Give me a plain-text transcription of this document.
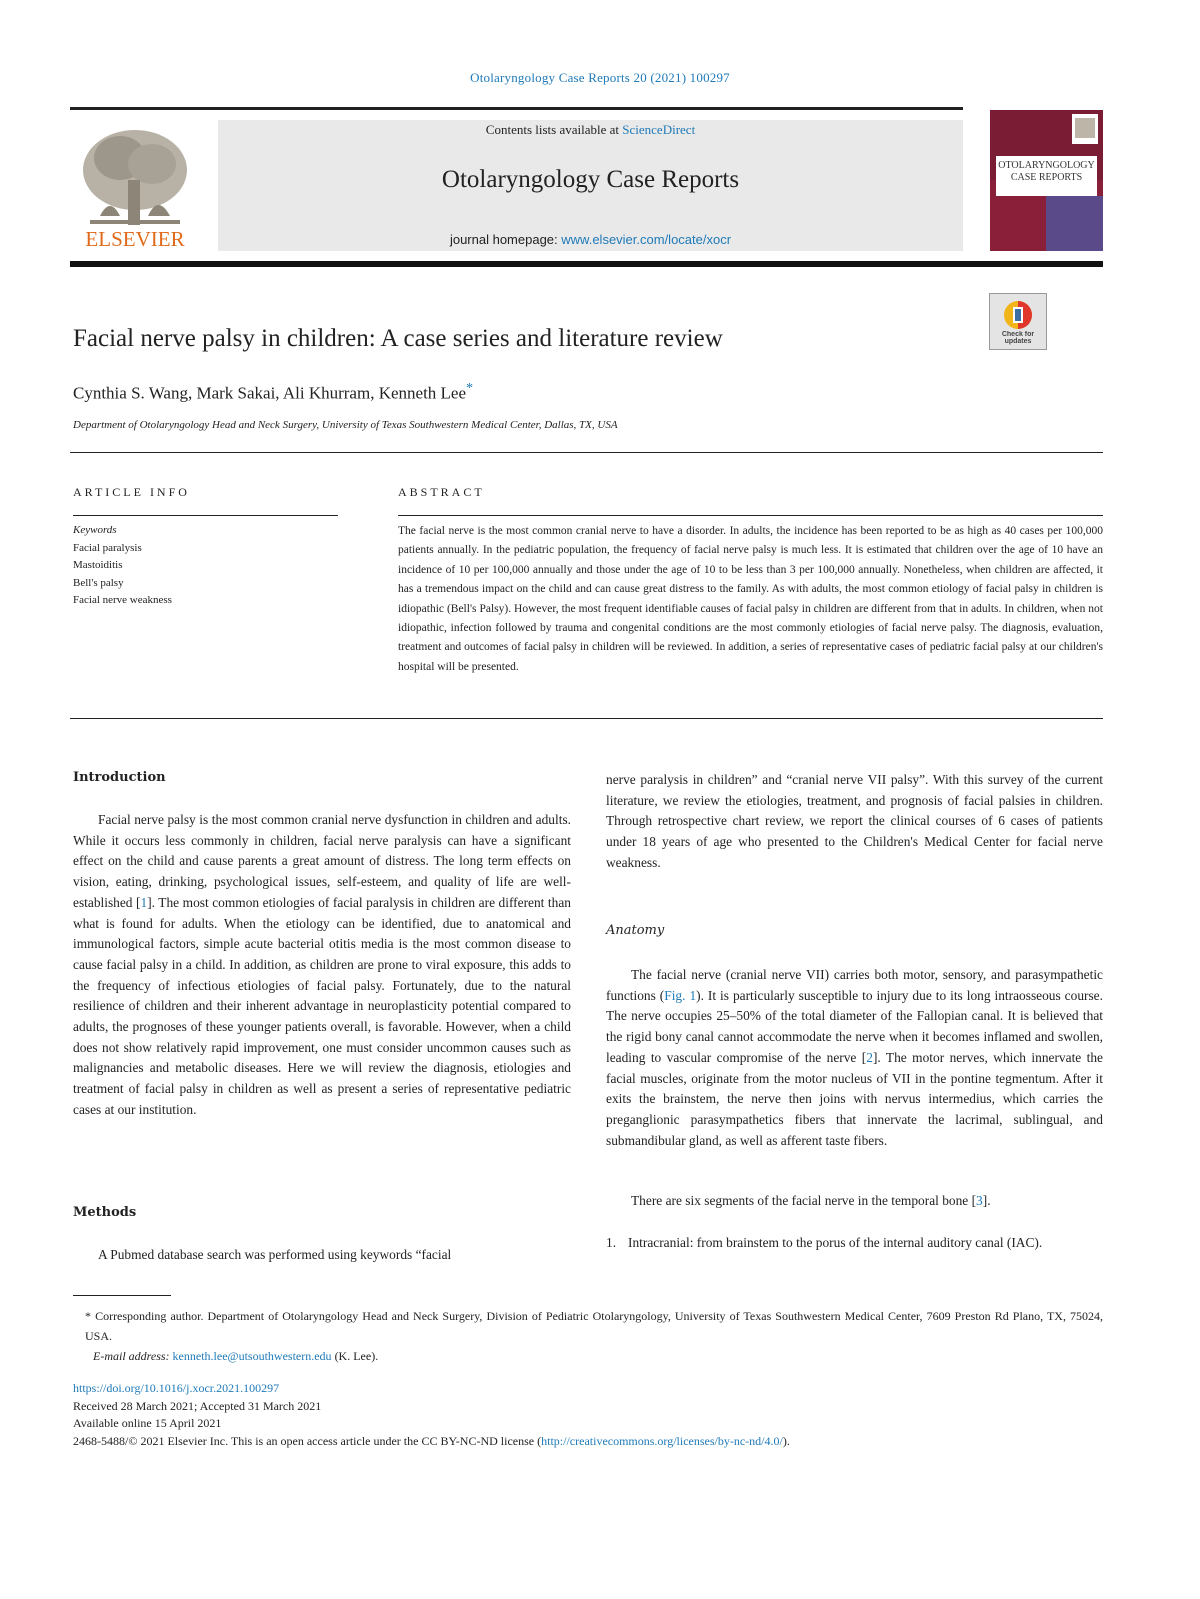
Otolaryngology Case Reports 20 (2021) 100297
ELSEVIER
Contents lists available at ScienceDirect
Otolaryngology Case Reports
journal homepage: www.elsevier.com/locate/xocr
OTOLARYNGOLOGY CASE REPORTS
Facial nerve palsy in children: A case series and literature review	Check for updates
Cynthia S. Wang, Mark Sakai, Ali Khurram, Kenneth Lee*
Department of Otolaryngology Head and Neck Surgery, University of Texas Southwestern Medical Center, Dallas, TX, USA
ARTICLE INFO	ABSTRACT
Keywords
Facial paralysis
Mastoiditis
Bell's palsy
Facial nerve weakness
The facial nerve is the most common cranial nerve to have a disorder. In adults, the incidence has been reported to be as high as 40 cases per 100,000 patients annually. In the pediatric population, the frequency of facial nerve palsy is much less. It is estimated that children over the age of 10 have an incidence of 10 per 100,000 annually and those under the age of 10 to be less than 3 per 100,000 annually. Nonetheless, when children are affected, it has a tremendous impact on the child and can cause great distress to the family. As with adults, the most common etiology of facial palsy in children is idiopathic (Bell's Palsy). However, the most frequent identifiable causes of facial palsy in children are different from that in adults. In children, when not idiopathic, infection followed by trauma and congenital conditions are the most commonly etiologies of facial nerve palsy. The diagnosis, evaluation, treatment and outcomes of facial palsy in children will be reviewed. In addition, a series of representative cases of pediatric facial palsy at our children's hospital will be presented.
Introduction

Facial nerve palsy is the most common cranial nerve dysfunction in children and adults. While it occurs less commonly in children, facial nerve paralysis can have a significant effect on the child and cause parents a great amount of distress. The long term effects on vision, eating, drinking, psychological issues, self-esteem, and quality of life are well-established [1]. The most common etiologies of facial paralysis in children are different than what is found for adults. When the etiology can be identified, due to anatomical and immunological factors, simple acute bacterial otitis media is the most common disease to cause facial palsy in a child. In addition, as children are prone to viral exposure, this adds to the frequency of infectious etiologies of facial palsy. Fortunately, due to the natural resilience of children and their inherent advantage in neuroplasticity potential compared to adults, the prognoses of these younger patients overall, is favorable. However, when a child does not show relatively rapid improvement, one must consider uncommon causes such as malignancies and metabolic diseases. Here we will review the diagnosis, etiologies and treatment of facial palsy in children as well as present a series of representative pediatric cases at our institution.

Methods

A Pubmed database search was performed using keywords “facial

nerve paralysis in children” and “cranial nerve VII palsy”. With this survey of the current literature, we review the etiologies, treatment, and prognosis of facial palsies in children. Through retrospective chart review, we report the clinical courses of 6 cases of patients under 18 years of age who presented to the Children's Medical Center for facial nerve weakness.

Anatomy

The facial nerve (cranial nerve VII) carries both motor, sensory, and parasympathetic functions (Fig. 1). It is particularly susceptible to injury due to its long intraosseous course. The nerve occupies 25–50% of the total diameter of the Fallopian canal. It is believed that the rigid bony canal cannot accommodate the nerve when it becomes inflamed and swollen, leading to vascular compromise of the nerve [2]. The motor nerves, which innervate the facial muscles, originate from the motor nucleus of VII in the pontine tegmentum. After it exits the brainstem, the nerve then joins with nervus intermedius, which carries the preganglionic parasympathetics fibers that innervate the lacrimal, sublingual, and submandibular gland, as well as afferent taste fibers.

There are six segments of the facial nerve in the temporal bone [3].

1. Intracranial: from brainstem to the porus of the internal auditory canal (IAC).
* Corresponding author. Department of Otolaryngology Head and Neck Surgery, Division of Pediatric Otolaryngology, University of Texas Southwestern Medical Center, 7609 Preston Rd Plano, TX, 75024, USA.
E-mail address: kenneth.lee@utsouthwestern.edu (K. Lee).
https://doi.org/10.1016/j.xocr.2021.100297
Received 28 March 2021; Accepted 31 March 2021
Available online 15 April 2021
2468-5488/© 2021 Elsevier Inc. This is an open access article under the CC BY-NC-ND license (http://creativecommons.org/licenses/by-nc-nd/4.0/).
